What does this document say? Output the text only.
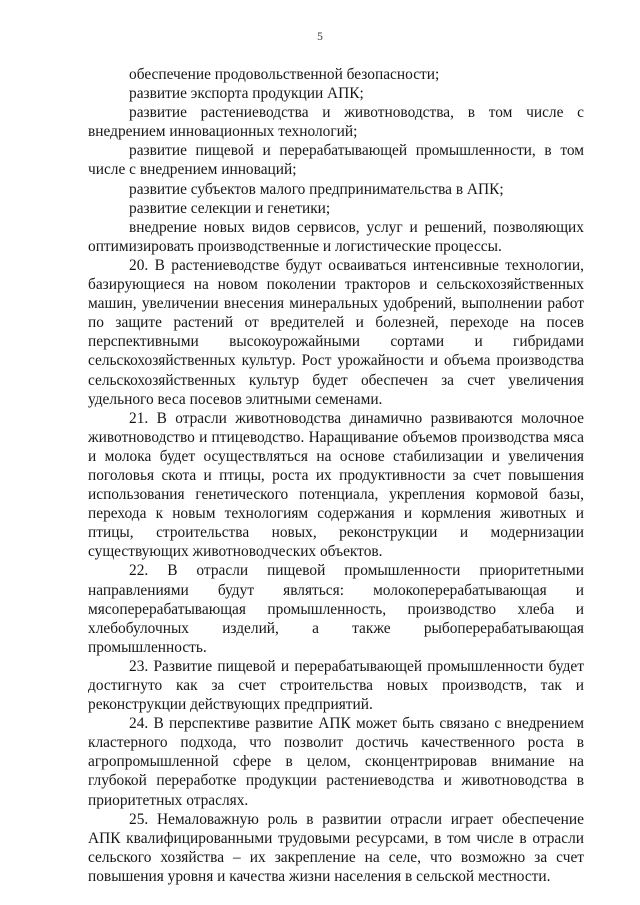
5

обеспечение продовольственной безопасности;

развитие экспорта продукции АПК;

развитие растениеводства и животноводства, в том числе с внедрением инновационных технологий;

развитие пищевой и перерабатывающей промышленности, в том числе с внедрением инноваций;

развитие субъектов малого предпринимательства в АПК;

развитие селекции и генетики;

внедрение новых видов сервисов, услуг и решений, позволяющих оптимизировать производственные и логистические процессы.

20. В растениеводстве будут осваиваться интенсивные технологии, базирующиеся на новом поколении тракторов и сельскохозяйственных машин, увеличении внесения минеральных удобрений, выполнении работ по защите растений от вредителей и болезней, переходе на посев перспективными высокоурожайными сортами и гибридами сельскохозяйственных культур. Рост урожайности и объема производства сельскохозяйственных культур будет обеспечен за счет увеличения удельного веса посевов элитными семенами.

21. В отрасли животноводства динамично развиваются молочное животноводство и птицеводство. Наращивание объемов производства мяса и молока будет осуществляться на основе стабилизации и увеличения поголовья скота и птицы, роста их продуктивности за счет повышения использования генетического потенциала, укрепления кормовой базы, перехода к новым технологиям содержания и кормления животных и птицы, строительства новых, реконструкции и модернизации существующих животноводческих объектов.

22. В отрасли пищевой промышленности приоритетными направлениями будут являться: молокоперерабатывающая и мясоперерабатывающая промышленность, производство хлеба и хлебобулочных изделий, а также рыбоперерабатывающая промышленность.

23. Развитие пищевой и перерабатывающей промышленности будет достигнуто как за счет строительства новых производств, так и реконструкции действующих предприятий.

24. В перспективе развитие АПК может быть связано с внедрением кластерного подхода, что позволит достичь качественного роста в агропромышленной сфере в целом, сконцентрировав внимание на глубокой переработке продукции растениеводства и животноводства в приоритетных отраслях.

25. Немаловажную роль в развитии отрасли играет обеспечение АПК квалифицированными трудовыми ресурсами, в том числе в отрасли сельского хозяйства – их закрепление на селе, что возможно за счет повышения уровня и качества жизни населения в сельской местности.
